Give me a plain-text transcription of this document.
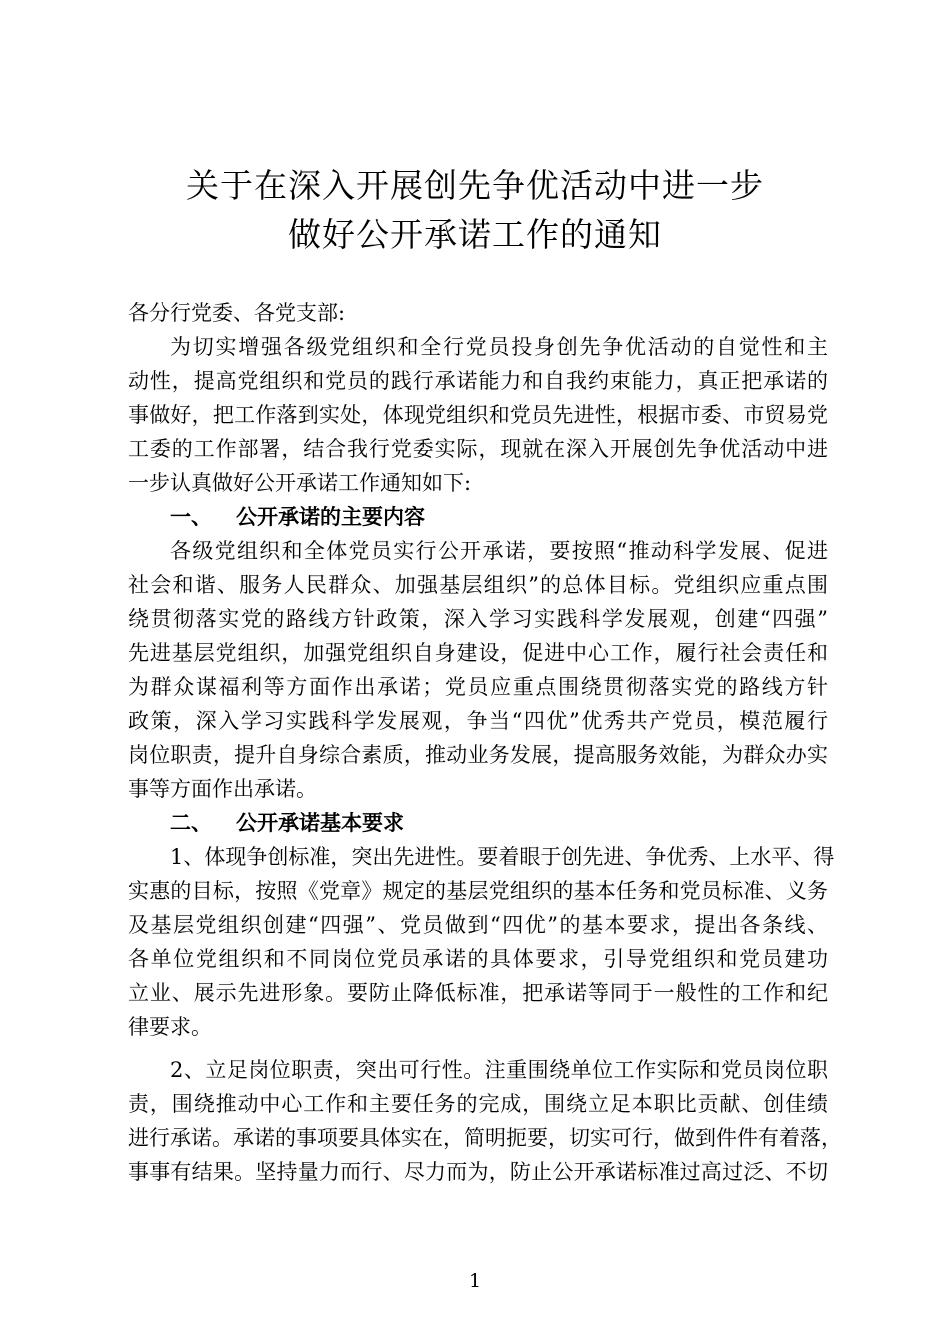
关于在深入开展创先争优活动中进一步
做好公开承诺工作的通知
各分行党委、各党支部:
为切实增强各级党组织和全行党员投身创先争优活动的自觉性和主
动性，提高党组织和党员的践行承诺能力和自我约束能力，真正把承诺的
事做好，把工作落到实处，体现党组织和党员先进性，根据市委、市贸易党
工委的工作部署，结合我行党委实际，现就在深入开展创先争优活动中进
一步认真做好公开承诺工作通知如下:
一、 公开承诺的主要内容
各级党组织和全体党员实行公开承诺，要按照“推动科学发展、促进
社会和谐、服务人民群众、加强基层组织”的总体目标。党组织应重点围
绕贯彻落实党的路线方针政策，深入学习实践科学发展观，创建“四强”
先进基层党组织，加强党组织自身建设，促进中心工作，履行社会责任和
为群众谋福利等方面作出承诺；党员应重点围绕贯彻落实党的路线方针
政策，深入学习实践科学发展观，争当“四优”优秀共产党员，模范履行
岗位职责，提升自身综合素质，推动业务发展，提高服务效能，为群众办实
事等方面作出承诺。
二、 公开承诺基本要求
1、体现争创标准，突出先进性。要着眼于创先进、争优秀、上水平、得
实惠的目标，按照《党章》规定的基层党组织的基本任务和党员标准、义务
及基层党组织创建“四强”、党员做到“四优”的基本要求，提出各条线、
各单位党组织和不同岗位党员承诺的具体要求，引导党组织和党员建功
立业、展示先进形象。要防止降低标准，把承诺等同于一般性的工作和纪
律要求。
2、立足岗位职责，突出可行性。注重围绕单位工作实际和党员岗位职
责，围绕推动中心工作和主要任务的完成，围绕立足本职比贡献、创佳绩
进行承诺。承诺的事项要具体实在，简明扼要，切实可行，做到件件有着落，
事事有结果。坚持量力而行、尽力而为，防止公开承诺标准过高过泛、不切
1
